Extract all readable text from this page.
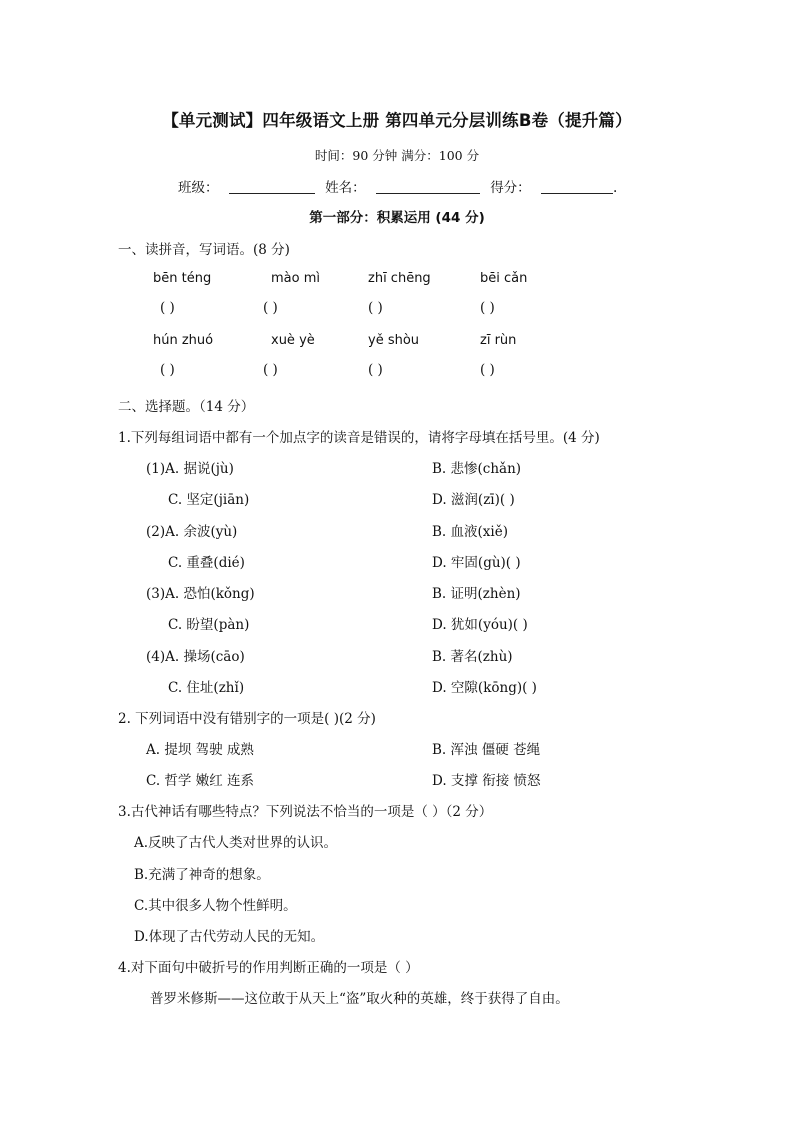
【单元测试】四年级语文上册 第四单元分层训练B卷（提升篇）
时间：90 分钟 满分：100 分
班级：	姓名：	得分：	.
第一部分：积累运用 (44 分)
一、读拼音，写词语。(8 分)
bēn téng	mào mì	zhī chēng	bēi cǎn
( )	( )	( )	( )
hún zhuó	xuè yè	yě shòu	zī rùn
( )	( )	( )	( )
二、选择题。（14 分）
1.下列每组词语中都有一个加点字的读音是错误的，请将字母填在括号里。(4 分)
(1)A. 据说(jù)	B. 悲惨(chǎn)
C. 坚定(jiān)	D. 滋润(zī)( )
(2)A. 余波(yù)	B. 血液(xiě)
C. 重叠(dié)	D. 牢固(gù)( )
(3)A. 恐怕(kǒng)	B. 证明(zhèn)
C. 盼望(pàn)	D. 犹如(yóu)( )
(4)A. 操场(cāo)	B. 著名(zhù)
C. 住址(zhǐ)	D. 空隙(kōng)( )
2. 下列词语中没有错别字的一项是( )(2 分)
A. 提坝 驾驶 成熟	B. 浑浊 僵硬 苍绳
C. 哲学 嫩红 连系	D. 支撑 衔接 愤怒
3.古代神话有哪些特点？下列说法不恰当的一项是（ ）（2 分）
A.反映了古代人类对世界的认识。
B.充满了神奇的想象。
C.其中很多人物个性鲜明。
D.体现了古代劳动人民的无知。
4.对下面句中破折号的作用判断正确的一项是（ ）
普罗米修斯——这位敢于从天上“盗”取火种的英雄，终于获得了自由。
